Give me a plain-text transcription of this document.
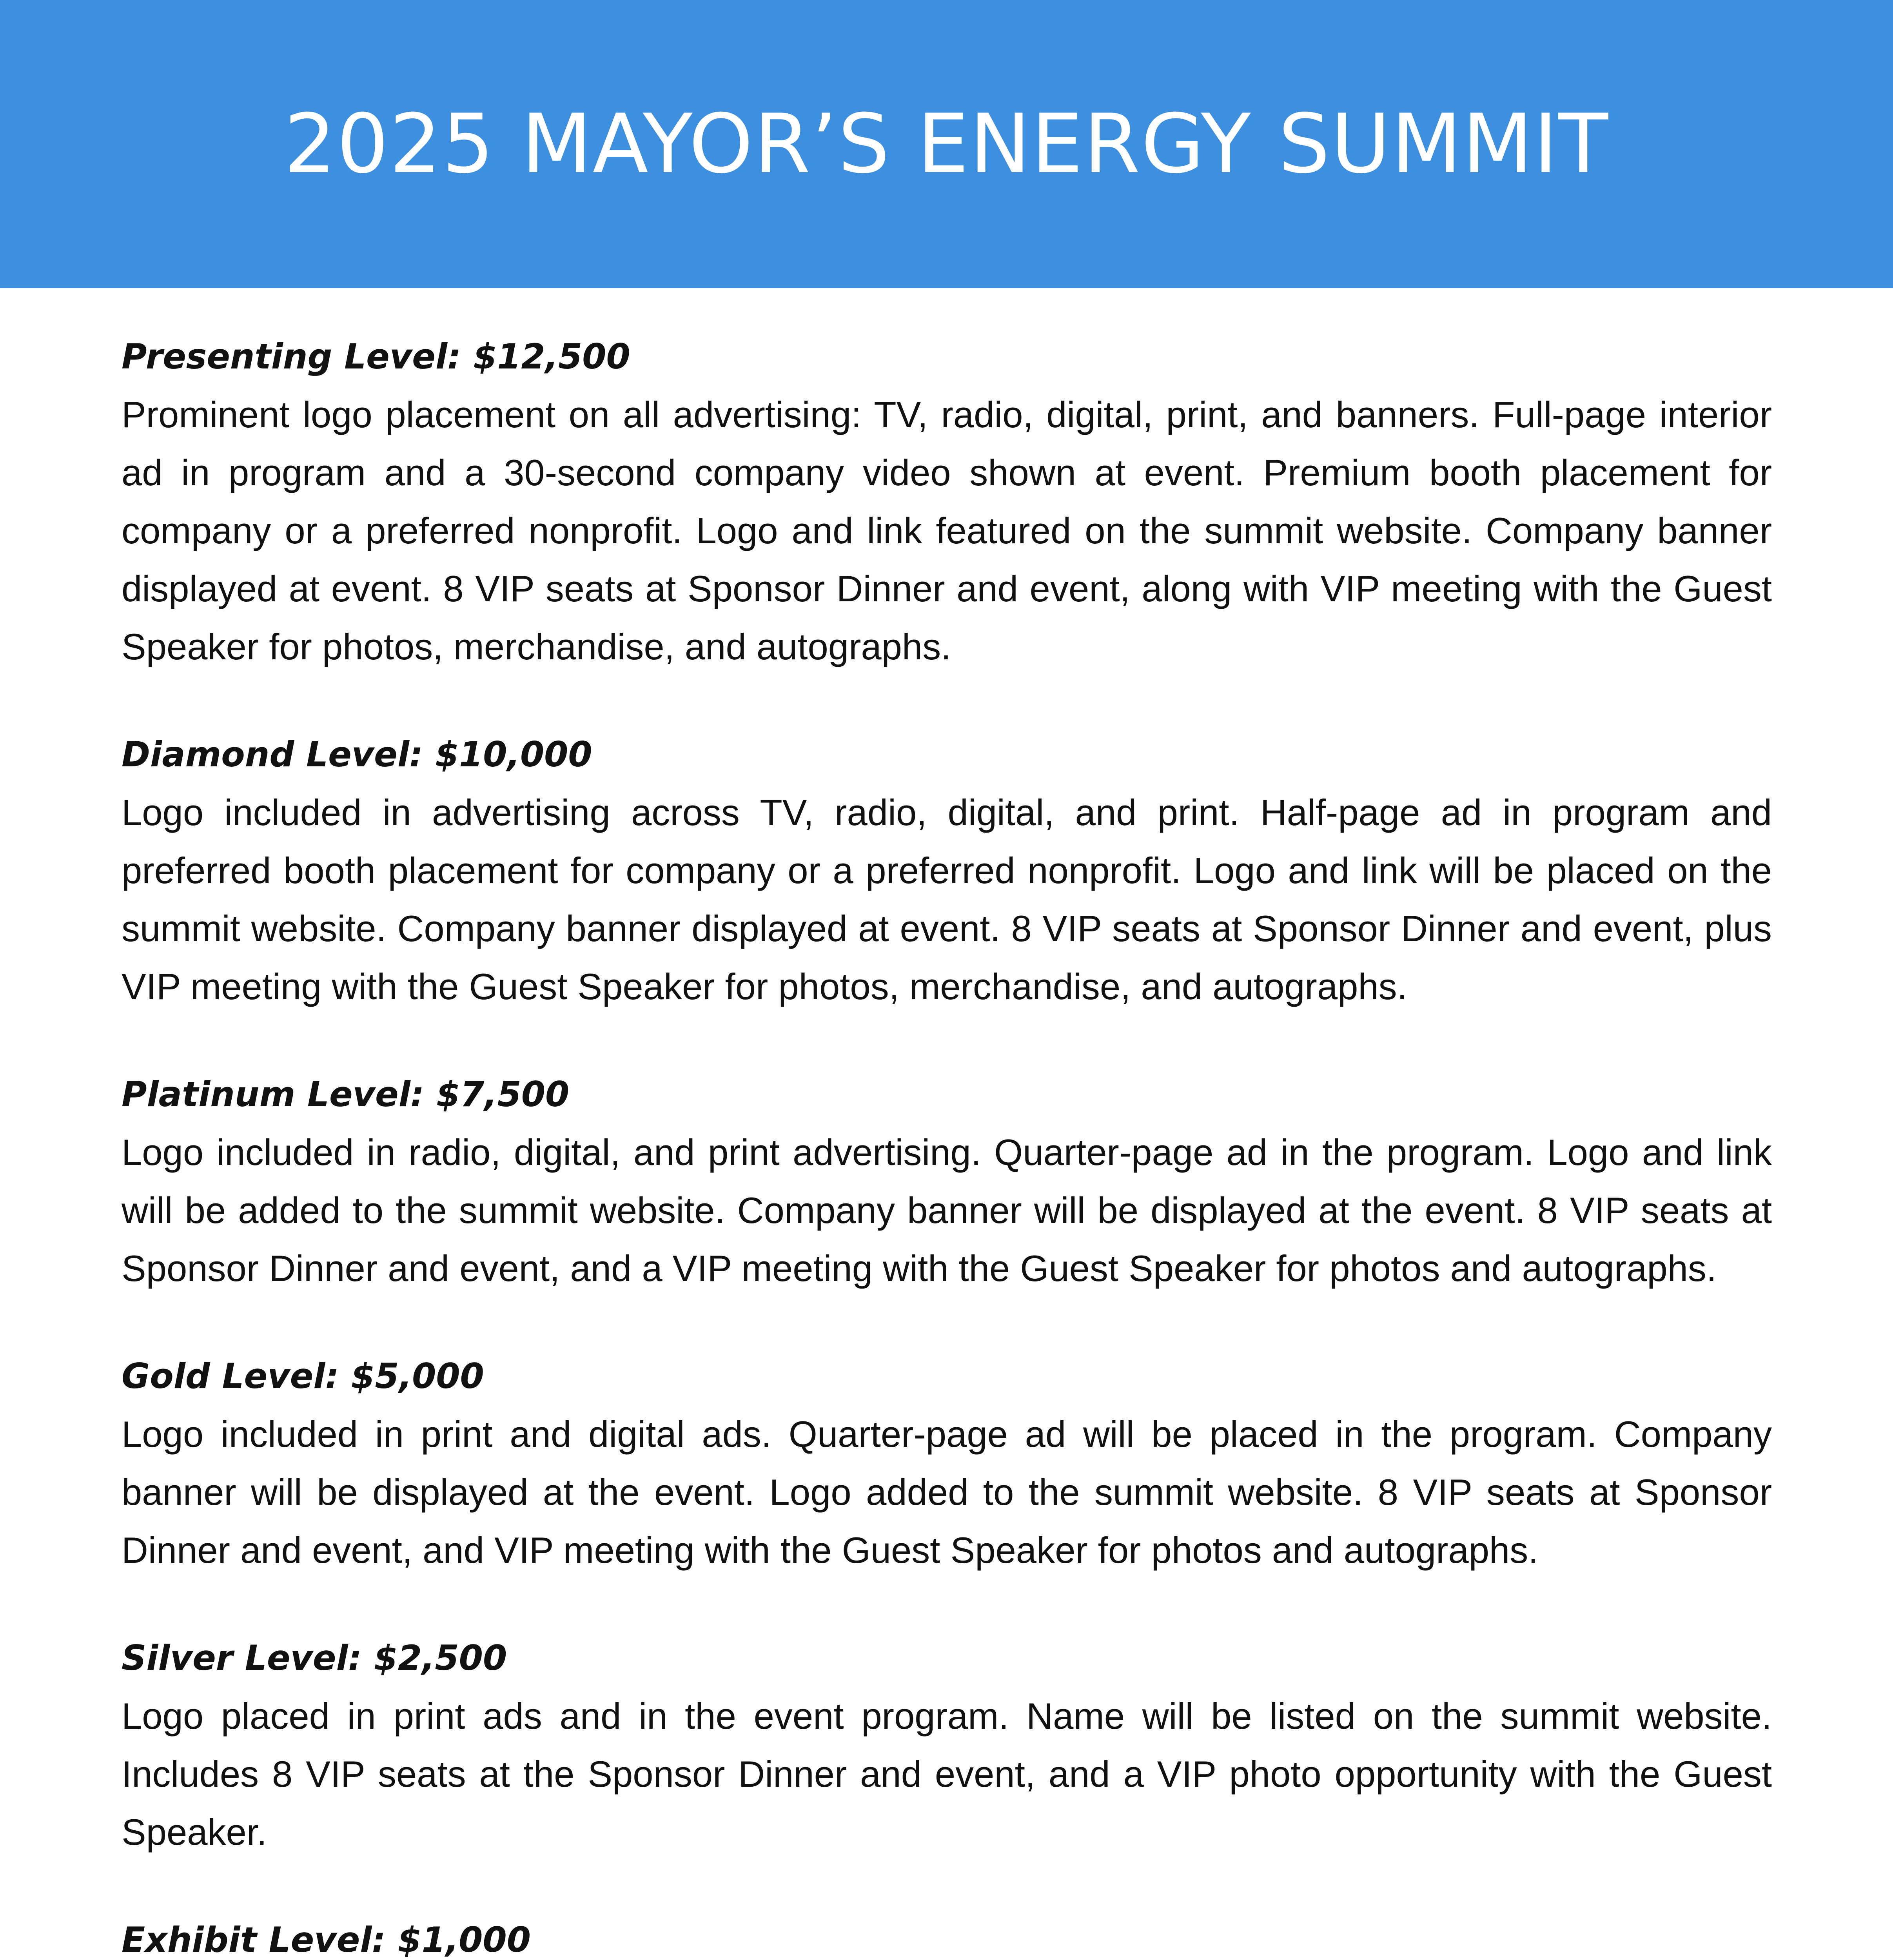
2025 MAYOR’S ENERGY SUMMIT
Presenting Level: $12,500

Prominent logo placement on all advertising: TV, radio, digital, print, and banners. Full-page interior ad in program and a 30-second company video shown at event. Premium booth placement for company or a preferred nonprofit. Logo and link featured on the summit website. Company banner displayed at event. 8 VIP seats at Sponsor Dinner and event, along with VIP meeting with the Guest Speaker for photos, merchandise, and autographs.

Diamond Level: $10,000

Logo included in advertising across TV, radio, digital, and print. Half-page ad in program and preferred booth placement for company or a preferred nonprofit. Logo and link will be placed on the summit website. Company banner displayed at event. 8 VIP seats at Sponsor Dinner and event, plus VIP meeting with the Guest Speaker for photos, merchandise, and autographs.

Platinum Level: $7,500

Logo included in radio, digital, and print advertising. Quarter-page ad in the program. Logo and link will be added to the summit website. Company banner will be displayed at the event. 8 VIP seats at Sponsor Dinner and event, and a VIP meeting with the Guest Speaker for photos and autographs.

Gold Level: $5,000

Logo included in print and digital ads. Quarter-page ad will be placed in the program. Company banner will be displayed at the event. Logo added to the summit website. 8 VIP seats at Sponsor Dinner and event, and VIP meeting with the Guest Speaker for photos and autographs.

Silver Level: $2,500

Logo placed in print ads and in the event program. Name will be listed on the summit website. Includes 8 VIP seats at the Sponsor Dinner and event, and a VIP photo opportunity with the Guest Speaker.

Exhibit Level: $1,000
